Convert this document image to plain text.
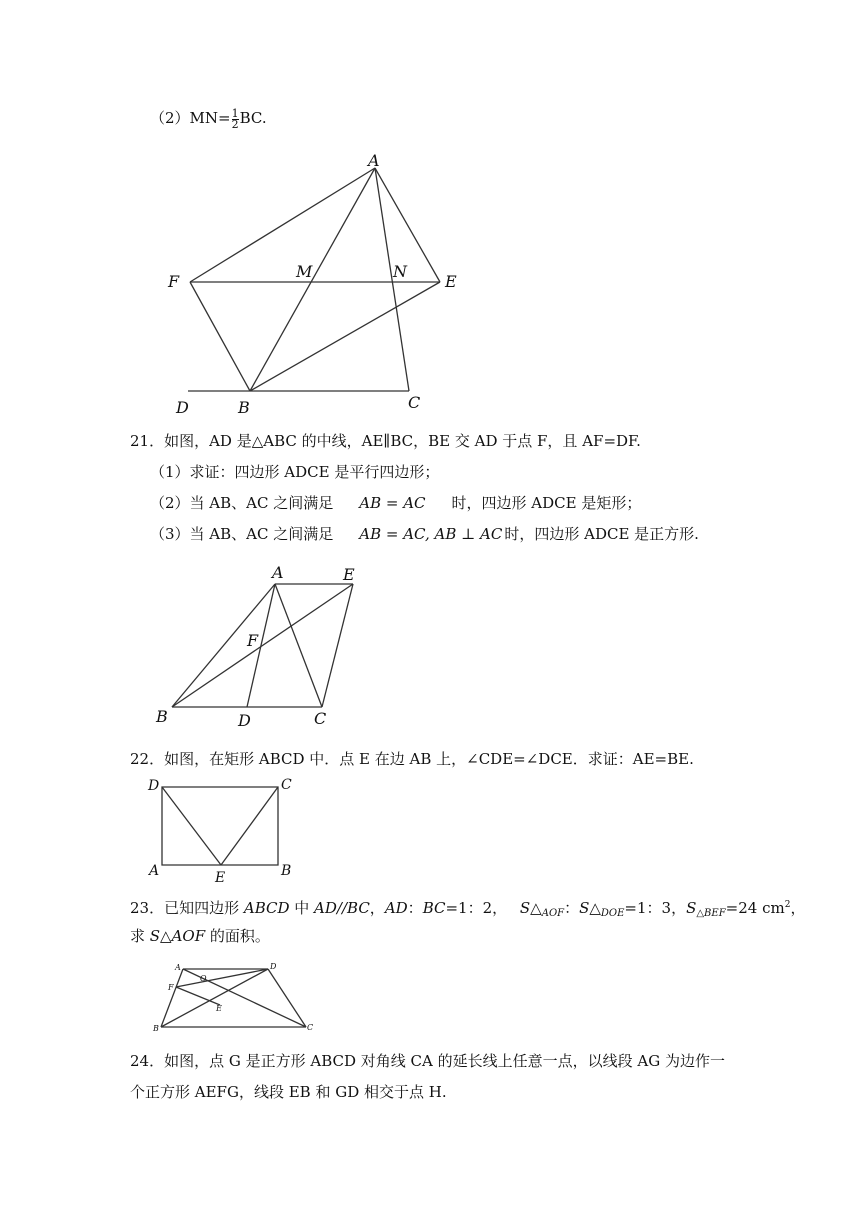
$(2)MN= \frac{1}{2}$ BC.
A
F
M	N
E
D	B	C
21．如图，AD 是△ABC 的中线，AE∥BC，BE 交 AD 于点 F，且 AF=DF.
（1）求证：四边形 ADCE 是平行四边形；
（2）当 AB、AC 之间满足 AB = AC 时，四边形 ADCE 是矩形；
（3）当 AB、AC 之间满足 AB = AC, AB ⊥ AC 时，四边形 ADCE 是正方形.
A	E
F
B	D	C
22．如图，在矩形 ABCD 中．点 E 在边 AB 上，∠CDE=∠DCE．求证：AE=BE.
D	C
A	E	B
23．已知四边形 ABCD 中 AD//BC，AD：BC=1：2， $S\triangle_{AOF}$：$S\triangle_{DOE}=1$：3，$S_{\triangle BEF}=24$ $cm^2$，
求 S△AOF 的面积。
A	D
O
F
E
B	C
24．如图，点 G 是正方形 ABCD 对角线 CA 的延长线上任意一点，以线段 AG 为边作一
个正方形 AEFG，线段 EB 和 GD 相交于点 H.
